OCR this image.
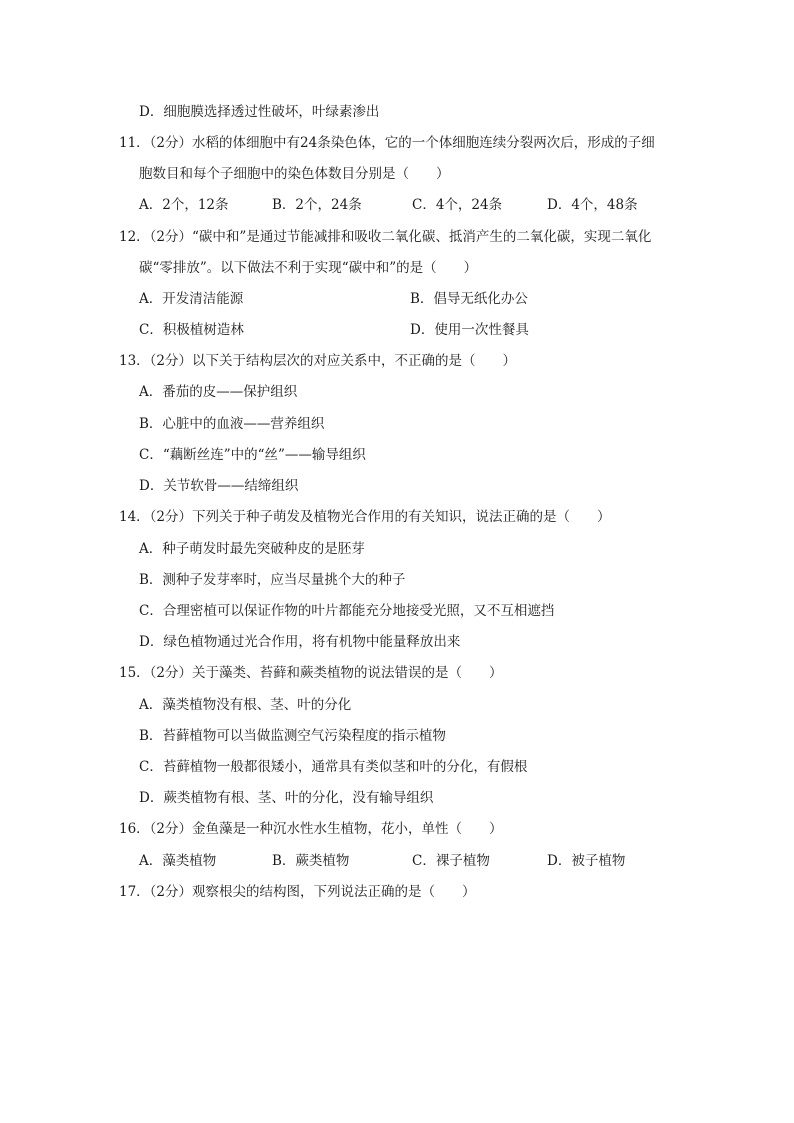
D．细胞膜选择透过性破坏，叶绿素渗出
11．（2分）水稻的体细胞中有24条染色体，它的一个体细胞连续分裂两次后，形成的子细
胞数目和每个子细胞中的染色体数目分别是（　　）
A．2个，12条	B．2个，24条	C．4个，24条	D．4个，48条
12．（2分）“碳中和”是通过节能减排和吸收二氧化碳、抵消产生的二氧化碳，实现二氧化
碳“零排放”。以下做法不利于实现“碳中和”的是（　　）
A．开发清洁能源	B．倡导无纸化办公
C．积极植树造林	D．使用一次性餐具
13．（2分）以下关于结构层次的对应关系中，不正确的是（　　）
A．番茄的皮——保护组织
B．心脏中的血液——营养组织
C．“藕断丝连”中的“丝”——输导组织
D．关节软骨——结缔组织
14．（2分）下列关于种子萌发及植物光合作用的有关知识，说法正确的是（　　）
A．种子萌发时最先突破种皮的是胚芽
B．测种子发芽率时，应当尽量挑个大的种子
C．合理密植可以保证作物的叶片都能充分地接受光照，又不互相遮挡
D．绿色植物通过光合作用，将有机物中能量释放出来
15．（2分）关于藻类、苔藓和蕨类植物的说法错误的是（　　）
A．藻类植物没有根、茎、叶的分化
B．苔藓植物可以当做监测空气污染程度的指示植物
C．苔藓植物一般都很矮小，通常具有类似茎和叶的分化，有假根
D．蕨类植物有根、茎、叶的分化，没有输导组织
16．（2分）金鱼藻是一种沉水性水生植物，花小，单性（　　）
A．藻类植物	B．蕨类植物	C．裸子植物	D．被子植物
17．（2分）观察根尖的结构图，下列说法正确的是（　　）
